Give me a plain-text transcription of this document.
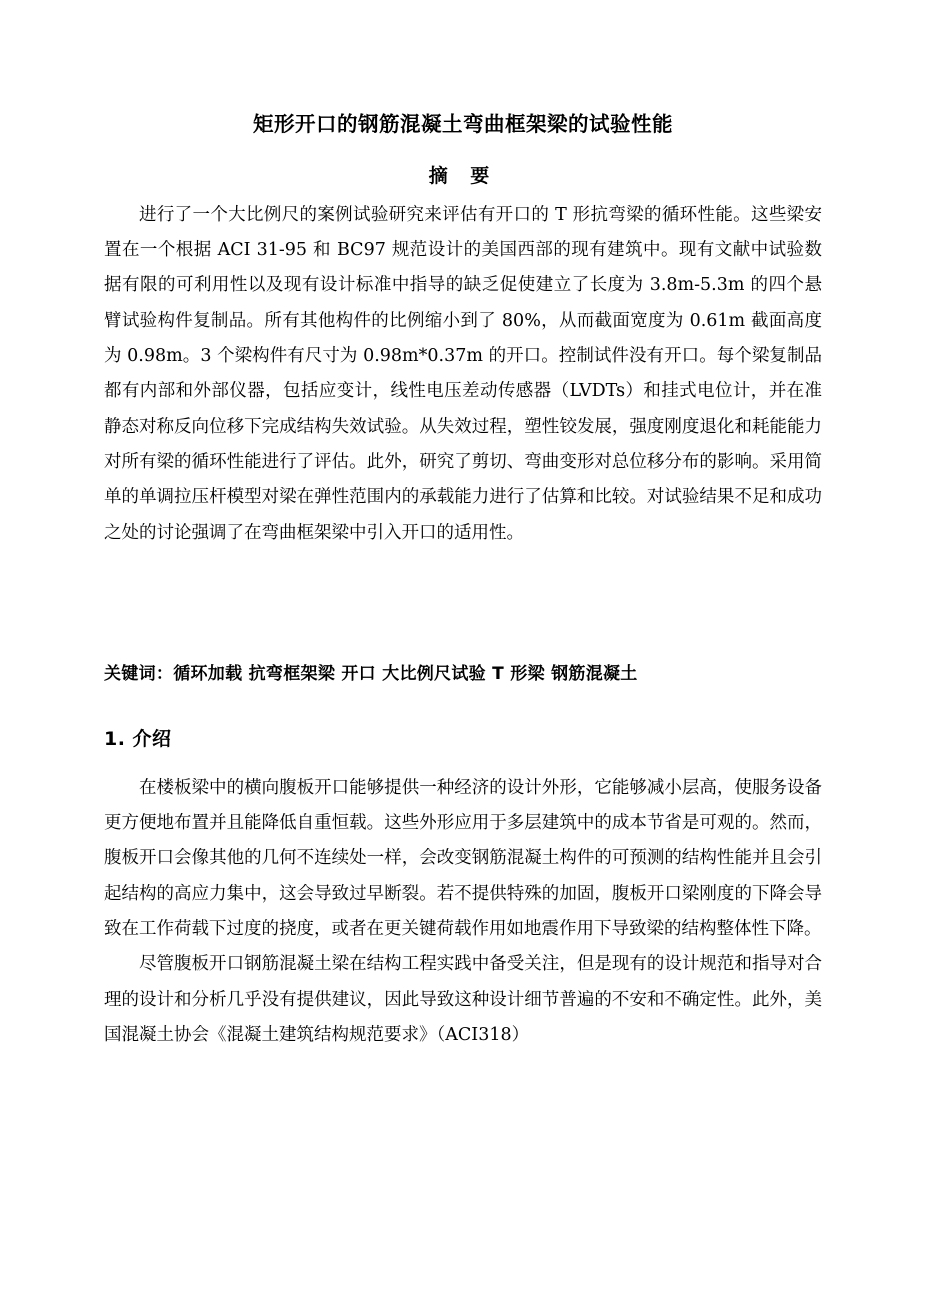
矩形开口的钢筋混凝土弯曲框架梁的试验性能
摘 要

进行了一个大比例尺的案例试验研究来评估有开口的 T 形抗弯梁的循环性能。这些梁安置在一个根据 ACI 31-95 和 BC97 规范设计的美国西部的现有建筑中。现有文献中试验数据有限的可利用性以及现有设计标准中指导的缺乏促使建立了长度为 3.8m-5.3m 的四个悬臂试验构件复制品。所有其他构件的比例缩小到了 80%，从而截面宽度为 0.61m 截面高度为 0.98m。3 个梁构件有尺寸为 0.98m*0.37m 的开口。控制试件没有开口。每个梁复制品都有内部和外部仪器，包括应变计，线性电压差动传感器（LVDTs）和挂式电位计，并在准静态对称反向位移下完成结构失效试验。从失效过程，塑性铰发展，强度刚度退化和耗能能力对所有梁的循环性能进行了评估。此外，研究了剪切、弯曲变形对总位移分布的影响。采用简单的单调拉压杆模型对梁在弹性范围内的承载能力进行了估算和比较。对试验结果不足和成功之处的讨论强调了在弯曲框架梁中引入开口的适用性。

关键词：循环加载 抗弯框架梁 开口 大比例尺试验 T 形梁 钢筋混凝土
1. 介绍

在楼板梁中的横向腹板开口能够提供一种经济的设计外形，它能够减小层高，使服务设备更方便地布置并且能降低自重恒载。这些外形应用于多层建筑中的成本节省是可观的。然而，腹板开口会像其他的几何不连续处一样，会改变钢筋混凝土构件的可预测的结构性能并且会引起结构的高应力集中，这会导致过早断裂。若不提供特殊的加固，腹板开口梁刚度的下降会导致在工作荷载下过度的挠度，或者在更关键荷载作用如地震作用下导致梁的结构整体性下降。

尽管腹板开口钢筋混凝土梁在结构工程实践中备受关注，但是现有的设计规范和指导对合理的设计和分析几乎没有提供建议，因此导致这种设计细节普遍的不安和不确定性。此外，美国混凝土协会《混凝土建筑结构规范要求》（ACI318）
